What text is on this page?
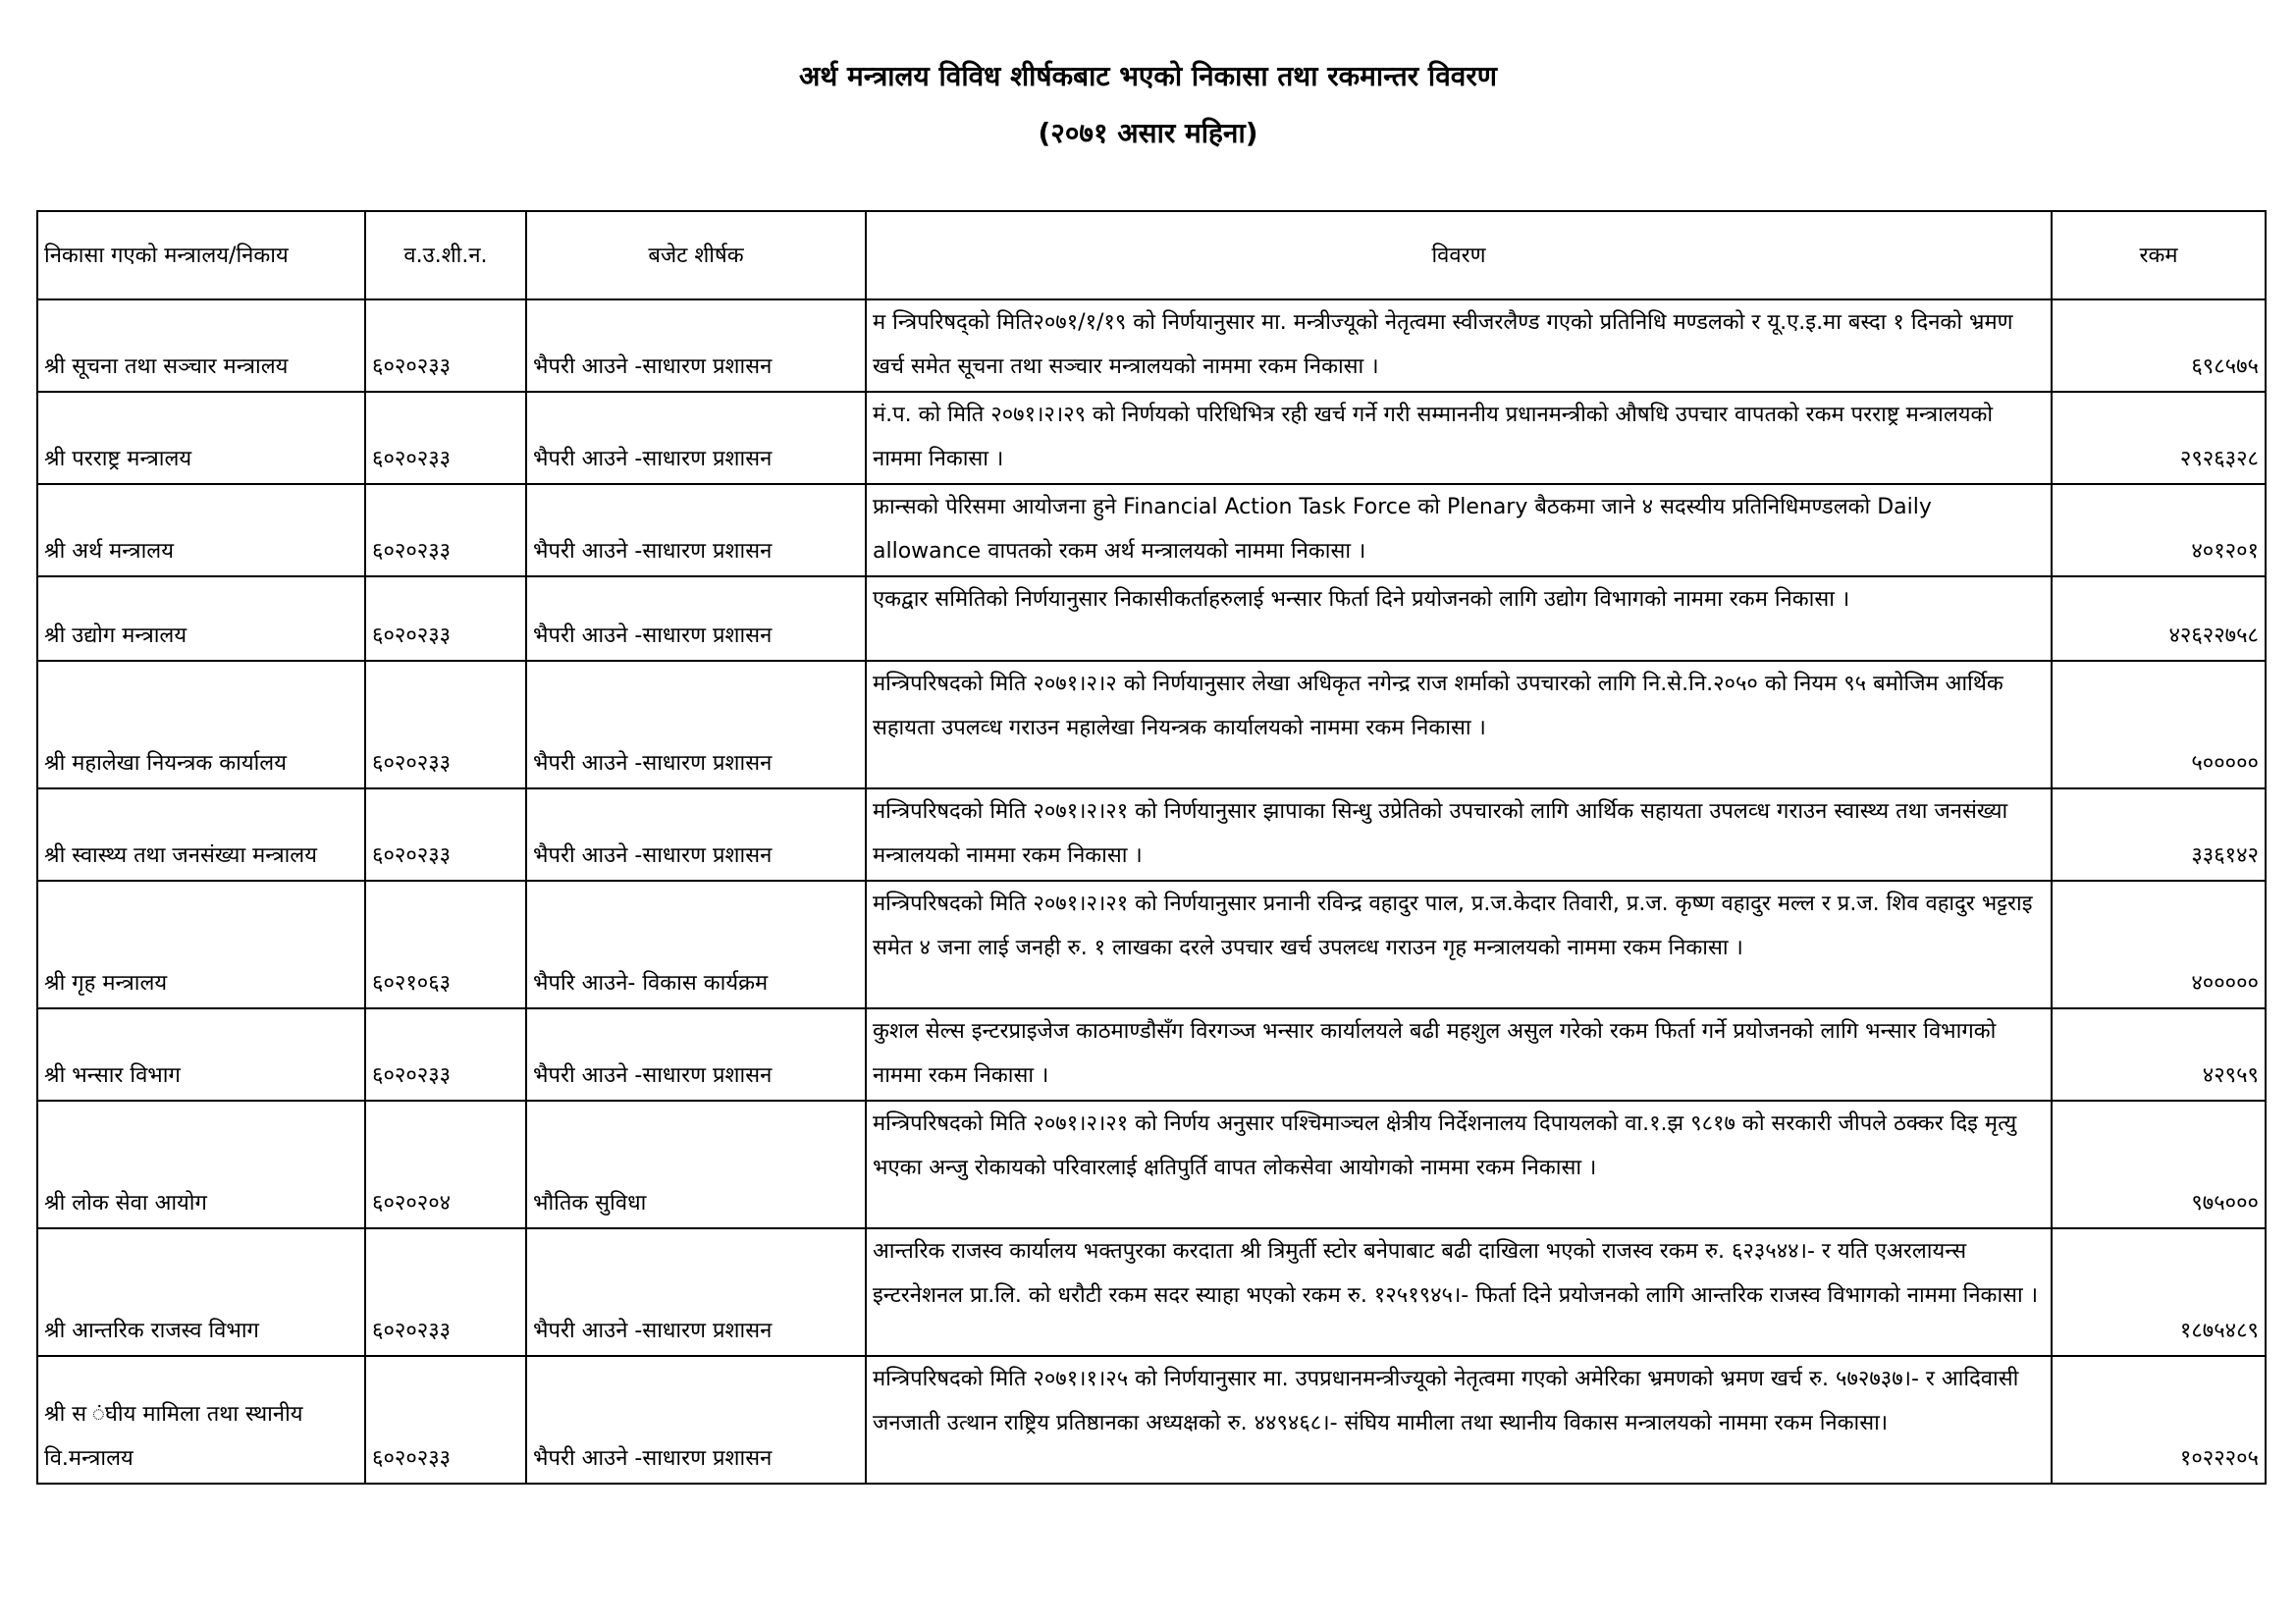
अर्थ मन्त्रालय विविध शीर्षकबाट भएको निकासा तथा रकमान्तर विवरण
(२०७१ असार महिना)
निकासा गएको मन्त्रालय/निकाय	व.उ.शी.न.	बजेट शीर्षक	विवरण	रकम
श्री सूचना तथा सञ्चार मन्त्रालय	६०२०२३३	भैपरी आउने -साधारण प्रशासन	म न्त्रिपरिषद्को मिति२०७१/१/१९ को निर्णयानुसार मा. मन्त्रीज्यूको नेतृत्वमा स्वीजरलैण्ड गएको प्रतिनिधि मण्डलको र यू.ए.इ.मा बस्दा १ दिनको भ्रमण खर्च समेत सूचना तथा सञ्चार मन्त्रालयको नाममा रकम निकासा ।	६९८५७५
श्री परराष्ट्र मन्त्रालय	६०२०२३३	भैपरी आउने -साधारण प्रशासन	मं.प. को मिति २०७१।२।२९ को निर्णयको परिधिभित्र रही खर्च गर्ने गरी सम्माननीय प्रधानमन्त्रीको औषधि उपचार वापतको रकम परराष्ट्र मन्त्रालयको नाममा निकासा ।	२९२६३२८
श्री अर्थ मन्त्रालय	६०२०२३३	भैपरी आउने -साधारण प्रशासन	फ्रान्सको पेरिसमा आयोजना हुने Financial Action Task Force को Plenary बैठकमा जाने ४ सदस्यीय प्रतिनिधिमण्डलको Daily allowance वापतको रकम अर्थ मन्त्रालयको नाममा निकासा ।	४०१२०१
श्री उद्योग मन्त्रालय	६०२०२३३	भैपरी आउने -साधारण प्रशासन	एकद्वार समितिको निर्णयानुसार निकासीकर्ताहरुलाई भन्सार फिर्ता दिने प्रयोजनको लागि उद्योग विभागको नाममा रकम निकासा ।	४२६२२७५८
श्री महालेखा नियन्त्रक कार्यालय	६०२०२३३	भैपरी आउने -साधारण प्रशासन	मन्त्रिपरिषदको मिति २०७१।२।२ को निर्णयानुसार लेखा अधिकृत नगेन्द्र राज शर्माको उपचारको लागि नि.से.नि.२०५० को नियम ९५ बमोजिम आर्थिक सहायता उपलव्ध गराउन महालेखा नियन्त्रक कार्यालयको नाममा रकम निकासा ।	५०००००
श्री स्वास्थ्य तथा जनसंख्या मन्त्रालय	६०२०२३३	भैपरी आउने -साधारण प्रशासन	मन्त्रिपरिषदको मिति २०७१।२।२१ को निर्णयानुसार झापाका सिन्धु उप्रेतिको उपचारको लागि आर्थिक सहायता उपलव्ध गराउन स्वास्थ्य तथा जनसंख्या मन्त्रालयको नाममा रकम निकासा ।	३३६१४२
श्री गृह मन्त्रालय	६०२१०६३	भैपरि आउने- विकास कार्यक्रम	मन्त्रिपरिषदको मिति २०७१।२।२१ को निर्णयानुसार प्रनानी रविन्द्र वहादुर पाल, प्र.ज.केदार तिवारी, प्र.ज. कृष्ण वहादुर मल्ल र प्र.ज. शिव वहादुर भट्टराइ समेत ४ जना लाई जनही रु. १ लाखका दरले उपचार खर्च उपलव्ध गराउन गृह मन्त्रालयको नाममा रकम निकासा ।	४०००००
श्री भन्सार विभाग	६०२०२३३	भैपरी आउने -साधारण प्रशासन	कुशल सेल्स इन्टरप्राइजेज काठमाण्डौसँग विरगञ्ज भन्सार कार्यालयले बढी महशुल असुल गरेको रकम फिर्ता गर्ने प्रयोजनको लागि भन्सार विभागको नाममा रकम निकासा ।	४२९५९
श्री लोक सेवा आयोग	६०२०२०४	भौतिक सुविधा	मन्त्रिपरिषदको मिति २०७१।२।२१ को निर्णय अनुसार पश्चिमाञ्चल क्षेत्रीय निर्देशनालय दिपायलको वा.१.झ ९८१७ को सरकारी जीपले ठक्कर दिइ मृत्यु भएका अन्जु रोकायको परिवारलाई क्षतिपुर्ति वापत लोकसेवा आयोगको नाममा रकम निकासा ।	९७५०००
श्री आन्तरिक राजस्व विभाग	६०२०२३३	भैपरी आउने -साधारण प्रशासन	आन्तरिक राजस्व कार्यालय भक्तपुरका करदाता श्री त्रिमुर्ती स्टोर बनेपाबाट बढी दाखिला भएको राजस्व रकम रु. ६२३५४४।- र यति एअरलायन्स इन्टरनेशनल प्रा.लि. को धरौटी रकम सदर स्याहा भएको रकम रु. १२५१९४५।- फिर्ता दिने प्रयोजनको लागि आन्तरिक राजस्व विभागको नाममा निकासा ।	१८७५४८९
श्री स ंघीय मामिला तथा स्थानीय वि.मन्त्रालय	६०२०२३३	भैपरी आउने -साधारण प्रशासन	मन्त्रिपरिषदको मिति २०७१।१।२५ को निर्णयानुसार मा. उपप्रधानमन्त्रीज्यूको नेतृत्वमा गएको अमेरिका भ्रमणको भ्रमण खर्च रु. ५७२७३७।- र आदिवासी जनजाती उत्थान राष्ट्रिय प्रतिष्ठानका अध्यक्षको रु. ४४९४६८।- संघिय मामीला तथा स्थानीय विकास मन्त्रालयको नाममा रकम निकासा।	१०२२२०५
